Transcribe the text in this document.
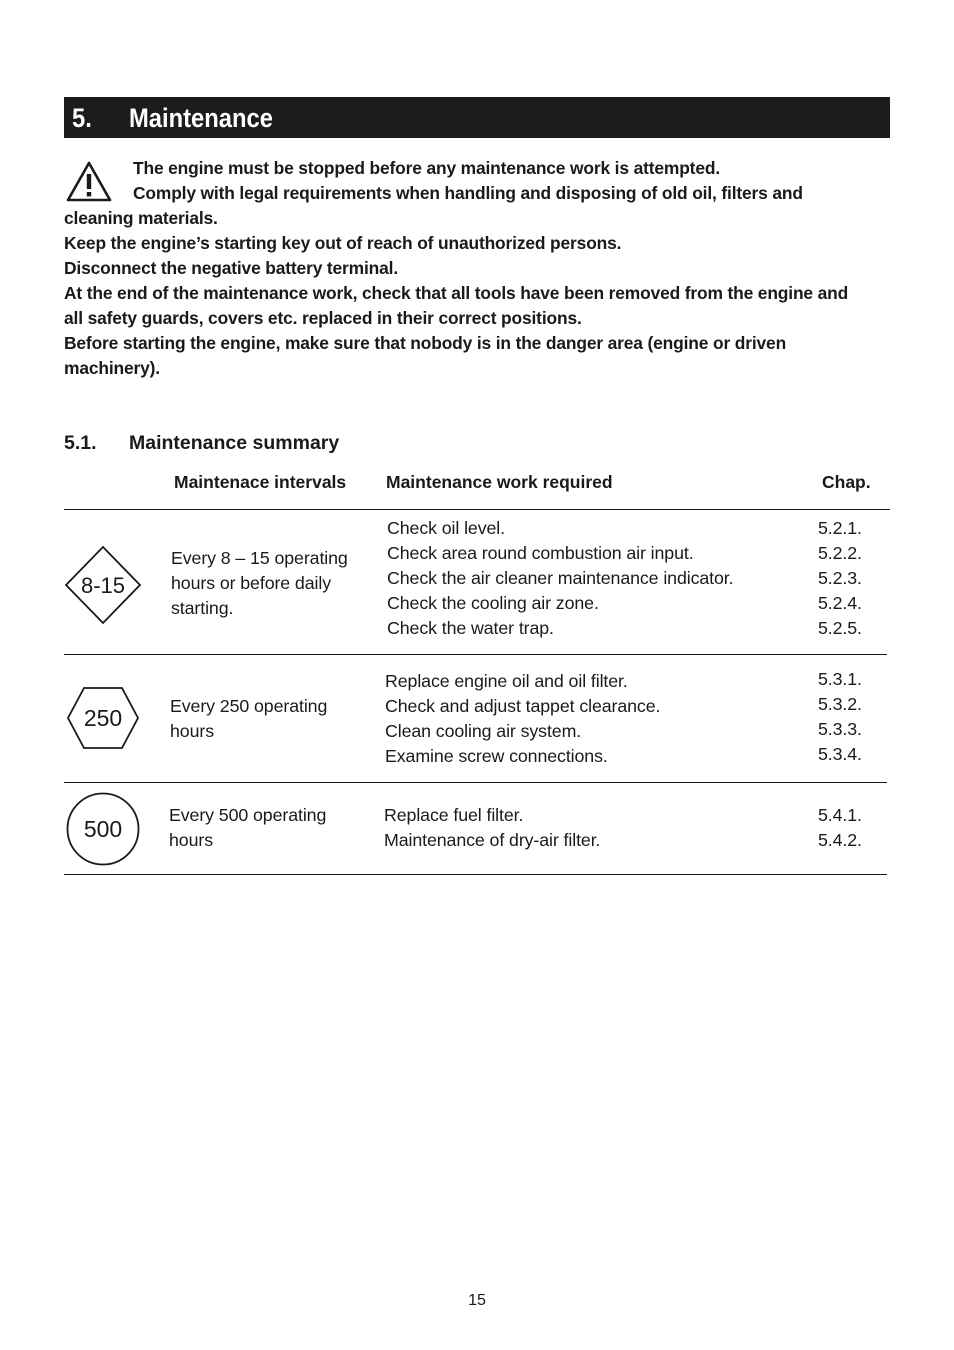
5. Maintenance

The engine must be stopped before any maintenance work is attempted.

Comply with legal requirements when handling and disposing of old oil, filters and

cleaning materials.

Keep the engine’s starting key out of reach of unauthorized persons.

Disconnect the negative battery terminal.

At the end of the maintenance work, check that all tools have been removed from the engine and

all safety guards, covers etc. replaced in their correct positions.

Before starting the engine, make sure that nobody is in the danger area (engine or driven

machinery).

5.1. Maintenance summary
Maintenace intervals Maintenance work required	Chap.
8-15

Every 8 – 15 operating

hours or before daily

starting.

Check oil level.

Check area round combustion air input.

Check the air cleaner maintenance indicator.

Check the cooling air zone.

Check the water trap.

5.2.1.

5.2.2.

5.2.3.

5.2.4.

5.2.5.

250	Every 250 operating

hours

Replace engine oil and oil filter.

Check and adjust tappet clearance.

Clean cooling air system.

Examine screw connections.

5.3.1.

5.3.2.

5.3.3.

5.3.4.

500

Every 500 operating

hours

Replace fuel filter.

Maintenance of dry-air filter.

5.4.1.

5.4.2.

15
